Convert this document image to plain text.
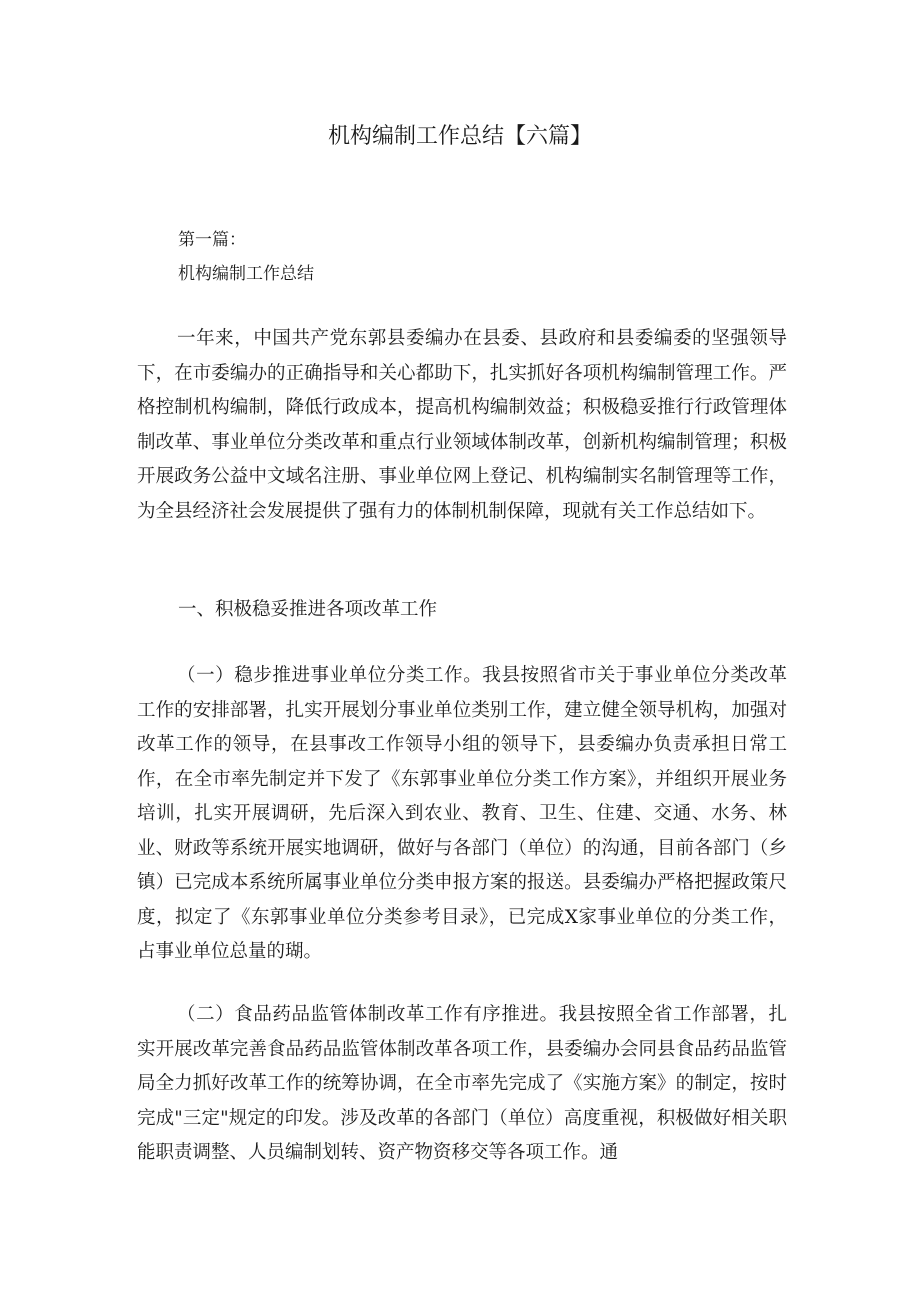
机构编制工作总结【六篇】
第一篇：
机构编制工作总结

一年来，中国共产党东郭县委编办在县委、县政府和县委编委的坚强领导下，在市委编办的正确指导和关心都助下，扎实抓好各项机构编制管理工作。严格控制机构编制，降低行政成本，提高机构编制效益；积极稳妥推行行政管理体制改革、事业单位分类改革和重点行业领域体制改革，创新机构编制管理；积极开展政务公益中文域名注册、事业单位网上登记、机构编制实名制管理等工作，为全县经济社会发展提供了强有力的体制机制保障，现就有关工作总结如下。

一、积极稳妥推进各项改革工作

（一）稳步推进事业单位分类工作。我县按照省市关于事业单位分类改革工作的安排部署，扎实开展划分事业单位类别工作，建立健全领导机构，加强对改革工作的领导，在县事改工作领导小组的领导下，县委编办负责承担日常工作，在全市率先制定并下发了《东郭事业单位分类工作方案》，并组织开展业务培训，扎实开展调研，先后深入到农业、教育、卫生、住建、交通、水务、林业、财政等系统开展实地调研，做好与各部门（单位）的沟通，目前各部门（乡镇）已完成本系统所属事业单位分类申报方案的报送。县委编办严格把握政策尺度，拟定了《东郭事业单位分类参考目录》，已完成X家事业单位的分类工作，占事业单位总量的瑚。

（二）食品药品监管体制改革工作有序推进。我县按照全省工作部署，扎实开展改革完善食品药品监管体制改革各项工作，县委编办会同县食品药品监管局全力抓好改革工作的统筹协调，在全市率先完成了《实施方案》的制定，按时完成"三定"规定的印发。涉及改革的各部门（单位）高度重视，积极做好相关职能职责调整、人员编制划转、资产物资移交等各项工作。通
